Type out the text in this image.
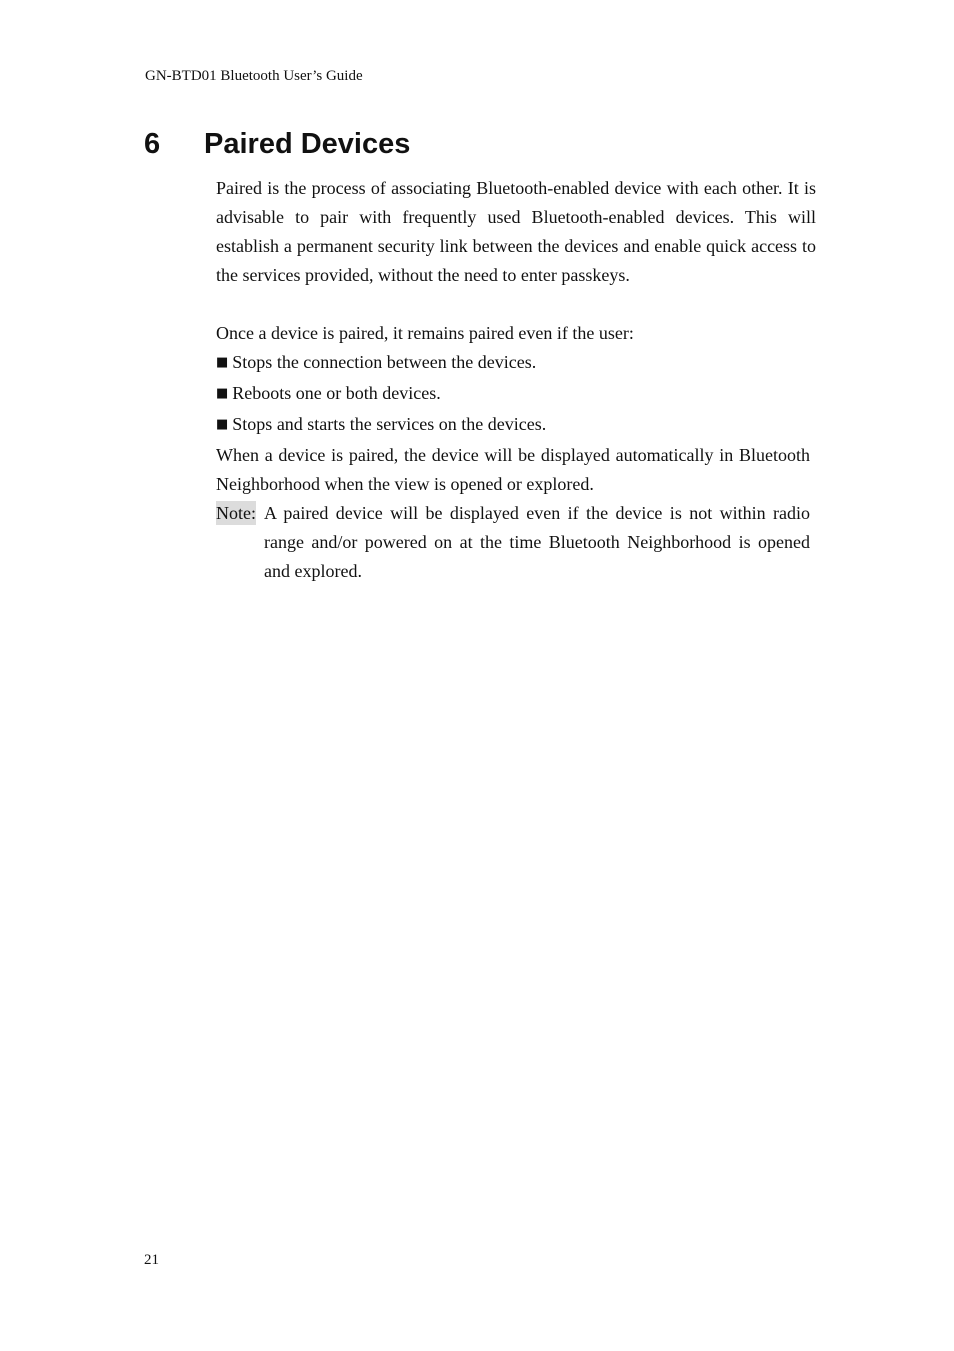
GN-BTD01 Bluetooth User’s Guide
6 Paired Devices

Paired is the process of associating Bluetooth-enabled device with each other. It is advisable to pair with frequently used Bluetooth-enabled devices. This will establish a permanent security link between the devices and enable quick access to the services provided, without the need to enter passkeys.

Once a device is paired, it remains paired even if the user:

■ Stops the connection between the devices.
■ Reboots one or both devices.
■ Stops and starts the services on the devices.

When a device is paired, the device will be displayed automatically in Bluetooth Neighborhood when the view is opened or explored.

Note: A paired device will be displayed even if the device is not within radio range and/or powered on at the time Bluetooth Neighborhood is opened and explored.

21
